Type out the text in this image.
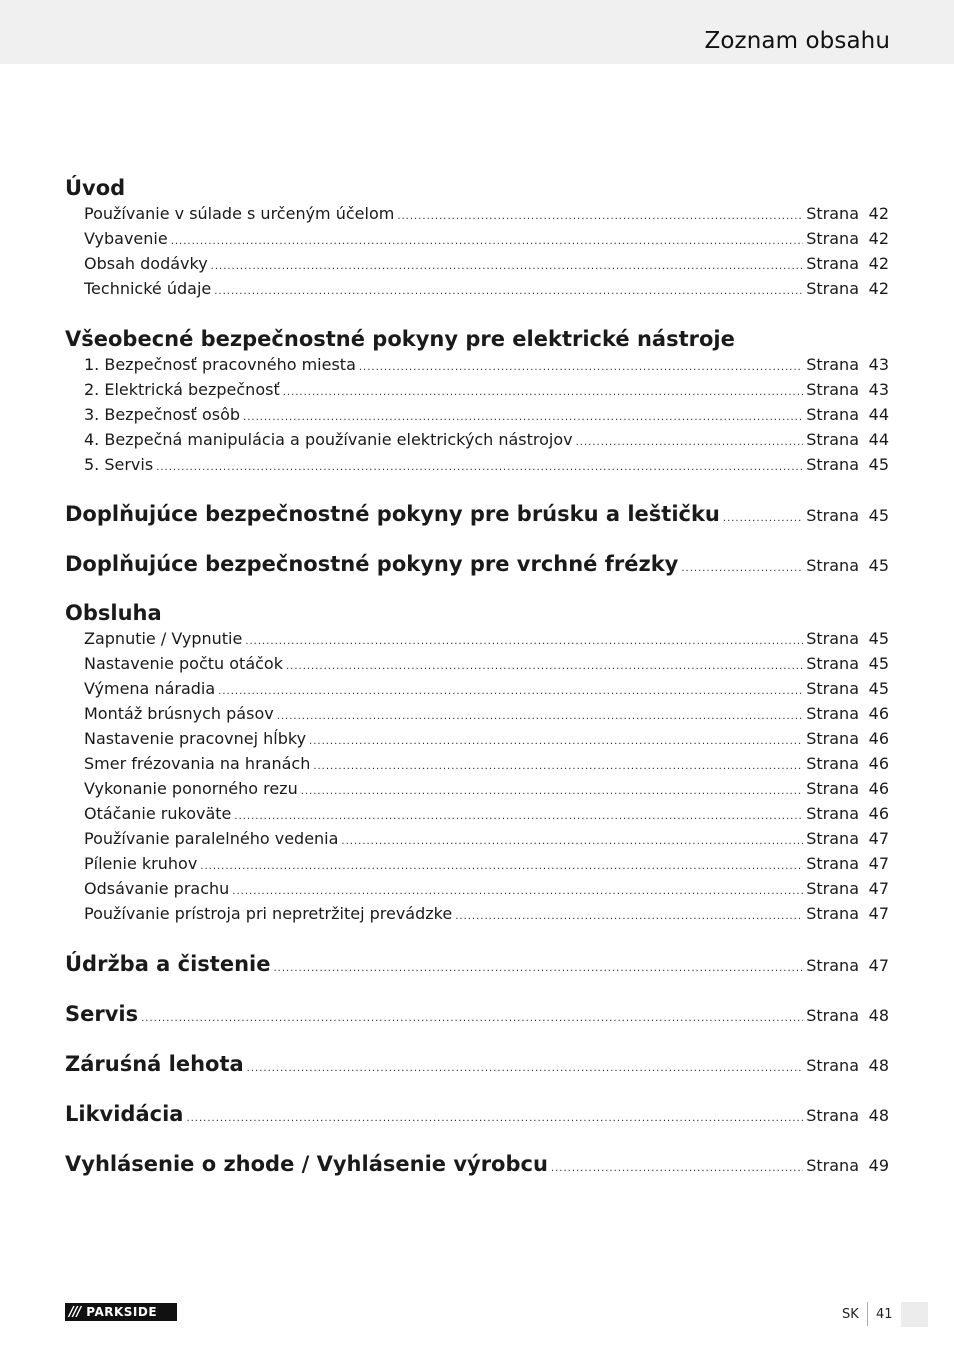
Zoznam obsahu
Úvod
Používanie v súlade s určeným účelom .....	Strana 42
Vybavenie .....	Strana 42
Obsah dodávky .....	Strana 42
Technické údaje .....	Strana 42
Všeobecné bezpečnostné pokyny pre elektrické nástroje
1. Bezpečnosť pracovného miesta .....	Strana 43
2. Elektrická bezpečnosť .....	Strana 43
3. Bezpečnosť osôb .....	Strana 44
4. Bezpečná manipulácia a používanie elektrických nástrojov .....	Strana 44
5. Servis .....	Strana 45
Doplňujúce bezpečnostné pokyny pre brúsku a leštičku .....	Strana 45
Doplňujúce bezpečnostné pokyny pre vrchné frézky .....	Strana 45
Obsluha
Zapnutie / Vypnutie .....	Strana 45
Nastavenie počtu otáčok .....	Strana 45
Výmena náradia .....	Strana 45
Montáž brúsnych pásov .....	Strana 46
Nastavenie pracovnej hĺbky .....	Strana 46
Smer frézovania na hranách .....	Strana 46
Vykonanie ponorného rezu .....	Strana 46
Otáčanie rukoväte .....	Strana 46
Používanie paralelného vedenia .....	Strana 47
Pílenie kruhov .....	Strana 47
Odsávanie prachu .....	Strana 47
Používanie prístroja pri nepretržitej prevádzke .....	Strana 47
Údržba a čistenie .....	Strana 47
Servis .....	Strana 48
Záruśná lehota .....	Strana 48
Likvidácia .....	Strana 48
Vyhlásenie o zhode / Vyhlásenie výrobcu .....	Strana 49
/// PARKSIDE	SK 41
